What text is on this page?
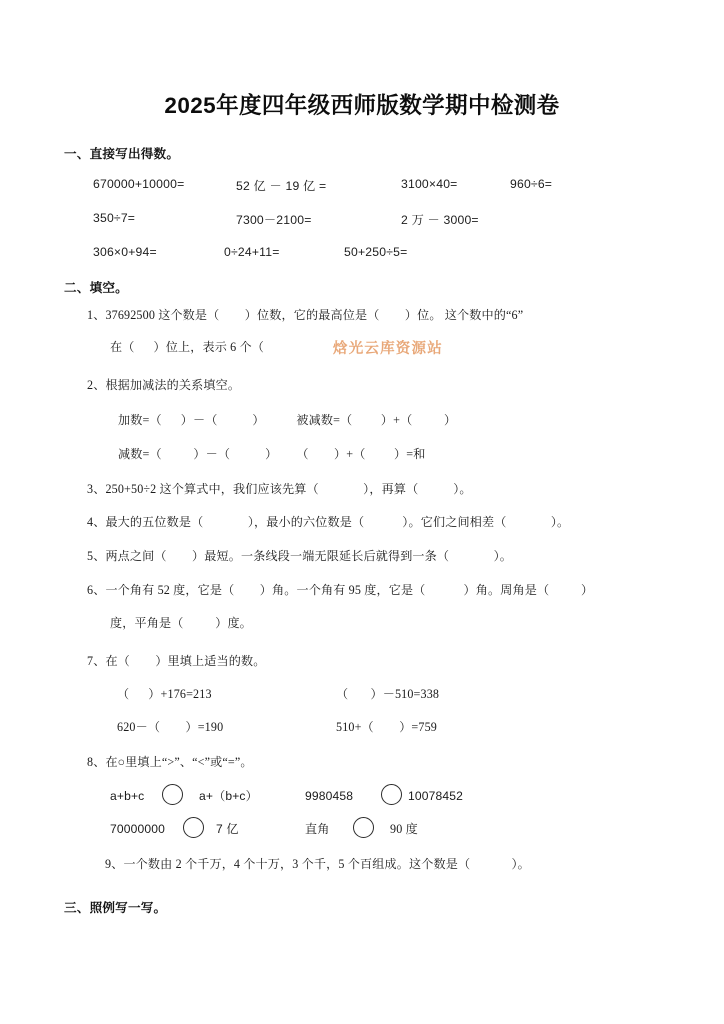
2025年度四年级西师版数学期中检测卷
一、直接写出得数。
670000+10000=	52 亿 － 19 亿 =	3100×40=	960÷6=
350÷7=	7300－2100=	2 万 － 3000=
306×0+94=	0÷24+11=	50+250÷5=
二、填空。
1、37692500 这个数是（        ）位数，它的最高位是（        ）位。 这个数中的“6”
在（      ）位上，表示 6 个（	焓光云库资源站
2、根据加减法的关系填空。
加数=（      ）－（           ）          被减数=（         ）+（          ）
减数=（          ）－（           ）      （        ）+（         ）=和
3、250+50÷2 这个算式中，我们应该先算（              ），再算（           ）。
4、最大的五位数是（              ），最小的六位数是（            ）。它们之间相差（              ）。
5、两点之间（        ）最短。一条线段一端无限延长后就得到一条（              ）。
6、一个角有 52 度，它是（        ）角。一个角有 95 度，它是（            ）角。周角是（          ）
度，平角是（          ）度。
7、在（        ）里填上适当的数。
（      ）+176=213	（       ）－510=338
620－（        ）=190	510+（        ）=759
8、在○里填上“>”、“<”或“=”。
a+b+c	a+（b+c）	9980458	10078452
70000000	7 亿	直角	90 度
9、一个数由 2 个千万，4 个十万，3 个千，5 个百组成。这个数是（             ）。
三、照例写一写。
